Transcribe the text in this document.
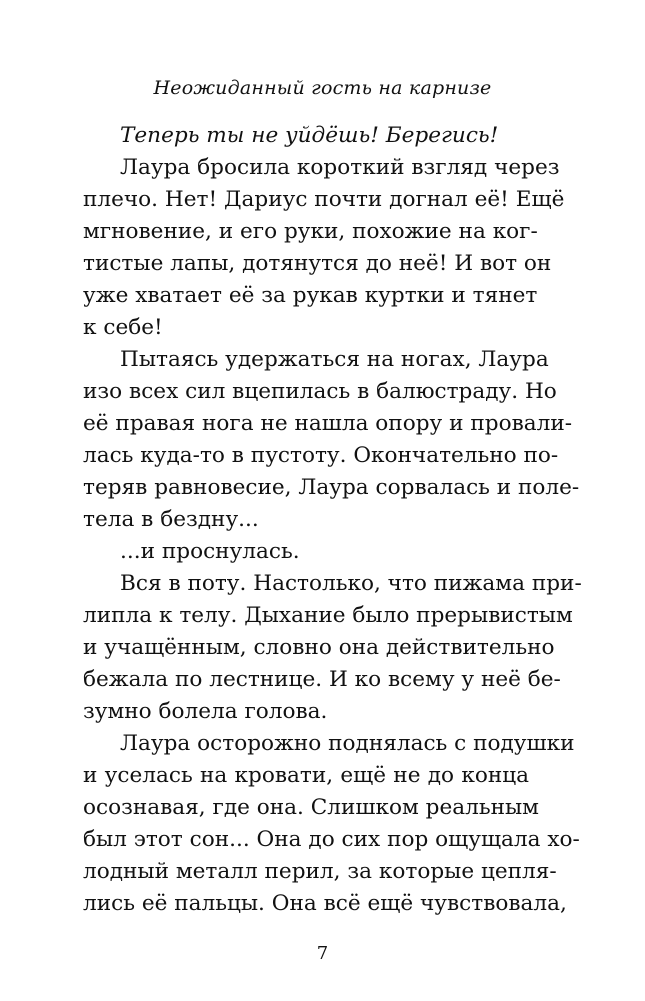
Неожиданный гость на карнизе
Теперь ты не уйдёшь! Берегись!
Лаура бросила короткий взгляд через
плечо. Нет! Дариус почти догнал её! Ещё
мгновение, и его руки, похожие на ког-
тистые лапы, дотянутся до неё! И вот он
уже хватает её за рукав куртки и тянет
к себе!
Пытаясь удержаться на ногах, Лаура
изо всех сил вцепилась в балюстраду. Но
её правая нога не нашла опору и провали-
лась куда-то в пустоту. Окончательно по-
теряв равновесие, Лаура сорвалась и поле-
тела в бездну...
...и проснулась.
Вся в поту. Настолько, что пижама при-
липла к телу. Дыхание было прерывистым
и учащённым, словно она действительно
бежала по лестнице. И ко всему у неё бе-
зумно болела голова.
Лаура осторожно поднялась с подушки
и уселась на кровати, ещё не до конца
осознавая, где она. Слишком реальным
был этот сон... Она до сих пор ощущала хо-
лодный металл перил, за которые цепля-
лись её пальцы. Она всё ещё чувствовала,
7
